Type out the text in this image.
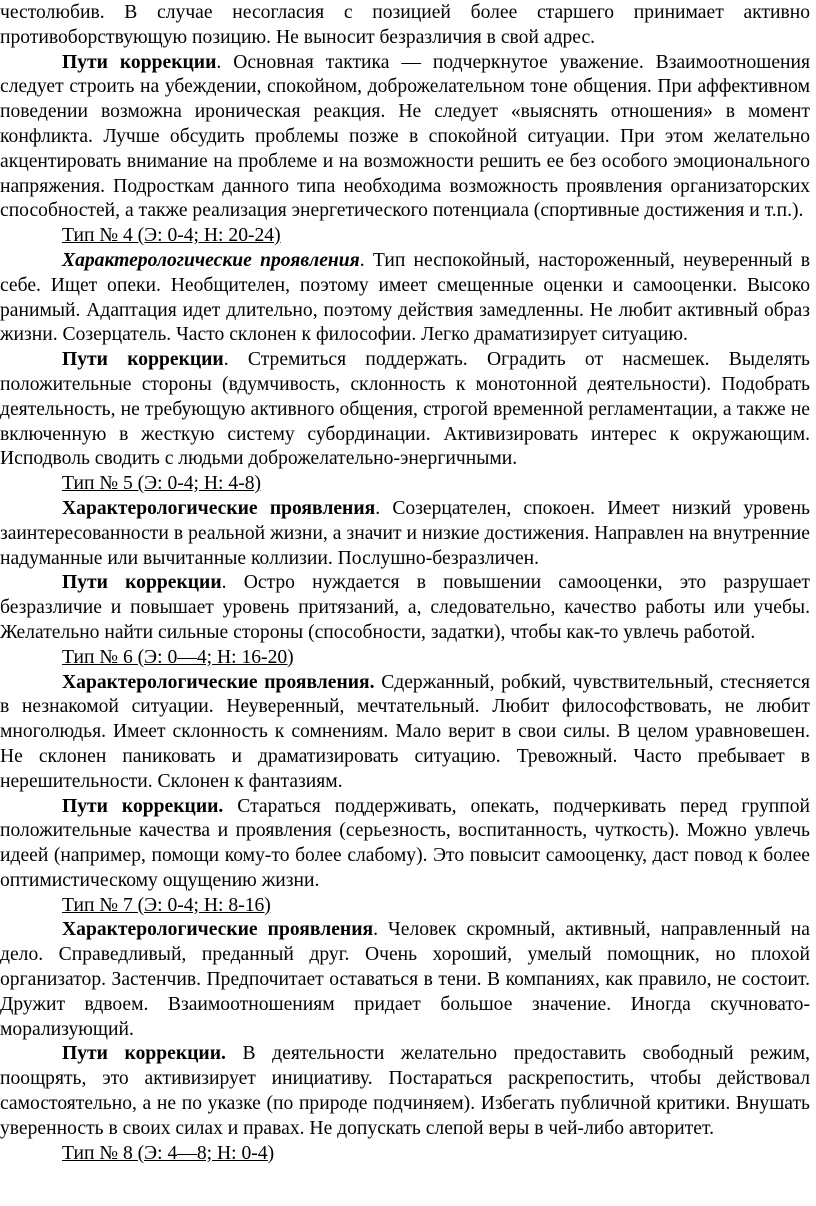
честолюбив. В случае несогласия с позицией более старшего принимает активно противоборствующую позицию. Не выносит безразличия в свой адрес.

Пути коррекции. Основная тактика — подчеркнутое уважение. Взаимоотношения следует строить на убеждении, спокойном, доброжелательном тоне общения. При аффективном поведении возможна ироническая реакция. Не следует «выяснять отношения» в момент конфликта. Лучше обсудить проблемы позже в спокойной ситуации. При этом желательно акцентировать внимание на проблеме и на возможности решить ее без особого эмоционального напряжения. Подросткам данного типа необходима возможность проявления организаторских способностей, а также реализация энергетического потенциала (спортивные достижения и т.п.).

Тип № 4 (Э: 0-4; Н: 20-24)

Характерологические проявления. Тип неспокойный, настороженный, неуверенный в себе. Ищет опеки. Необщителен, поэтому имеет смещенные оценки и самооценки. Высоко ранимый. Адаптация идет длительно, поэтому действия замедленны. Не любит активный образ жизни. Созерцатель. Часто склонен к философии. Легко драматизирует ситуацию.

Пути коррекции. Стремиться поддержать. Оградить от насмешек. Выделять положительные стороны (вдумчивость, склонность к монотонной деятельности). Подобрать деятельность, не требующую активного общения, строгой временной регламентации, а также не включенную в жесткую систему субординации. Активизировать интерес к окружающим. Исподволь сводить с людьми доброжелательно-энергичными.

Тип № 5 (Э: 0-4; Н: 4-8)

Характерологические проявления. Созерцателен, спокоен. Имеет низкий уровень заинтересованности в реальной жизни, а значит и низкие достижения. Направлен на внутренние надуманные или вычитанные коллизии. Послушно-безразличен.

Пути коррекции. Остро нуждается в повышении самооценки, это разрушает безразличие и повышает уровень притязаний, а, следовательно, качество работы или учебы. Желательно найти сильные стороны (способности, задатки), чтобы как-то увлечь работой.

Тип № 6 (Э: 0—4; Н: 16-20)

Характерологические проявления. Сдержанный, робкий, чувствительный, стесняется в незнакомой ситуации. Неуверенный, мечтательный. Любит философствовать, не любит многолюдья. Имеет склонность к сомнениям. Мало верит в свои силы. В целом уравновешен. Не склонен паниковать и драматизировать ситуацию. Тревожный. Часто пребывает в нерешительности. Склонен к фантазиям.

Пути коррекции. Стараться поддерживать, опекать, подчеркивать перед группой положительные качества и проявления (серьезность, воспитанность, чуткость). Можно увлечь идеей (например, помощи кому-то более слабому). Это повысит самооценку, даст повод к более оптимистическому ощущению жизни.

Тип № 7 (Э: 0-4; Н: 8-16)

Характерологические проявления. Человек скромный, активный, направленный на дело. Справедливый, преданный друг. Очень хороший, умелый помощник, но плохой организатор. Застенчив. Предпочитает оставаться в тени. В компаниях, как правило, не состоит. Дружит вдвоем. Взаимоотношениям придает большое значение. Иногда скучновато-морализующий.

Пути коррекции. В деятельности желательно предоставить свободный режим, поощрять, это активизирует инициативу. Постараться раскрепостить, чтобы действовал самостоятельно, а не по указке (по природе подчиняем). Избегать публичной критики. Внушать уверенность в своих силах и правах. Не допускать слепой веры в чей-либо авторитет.

Тип № 8 (Э: 4—8; Н: 0-4)
